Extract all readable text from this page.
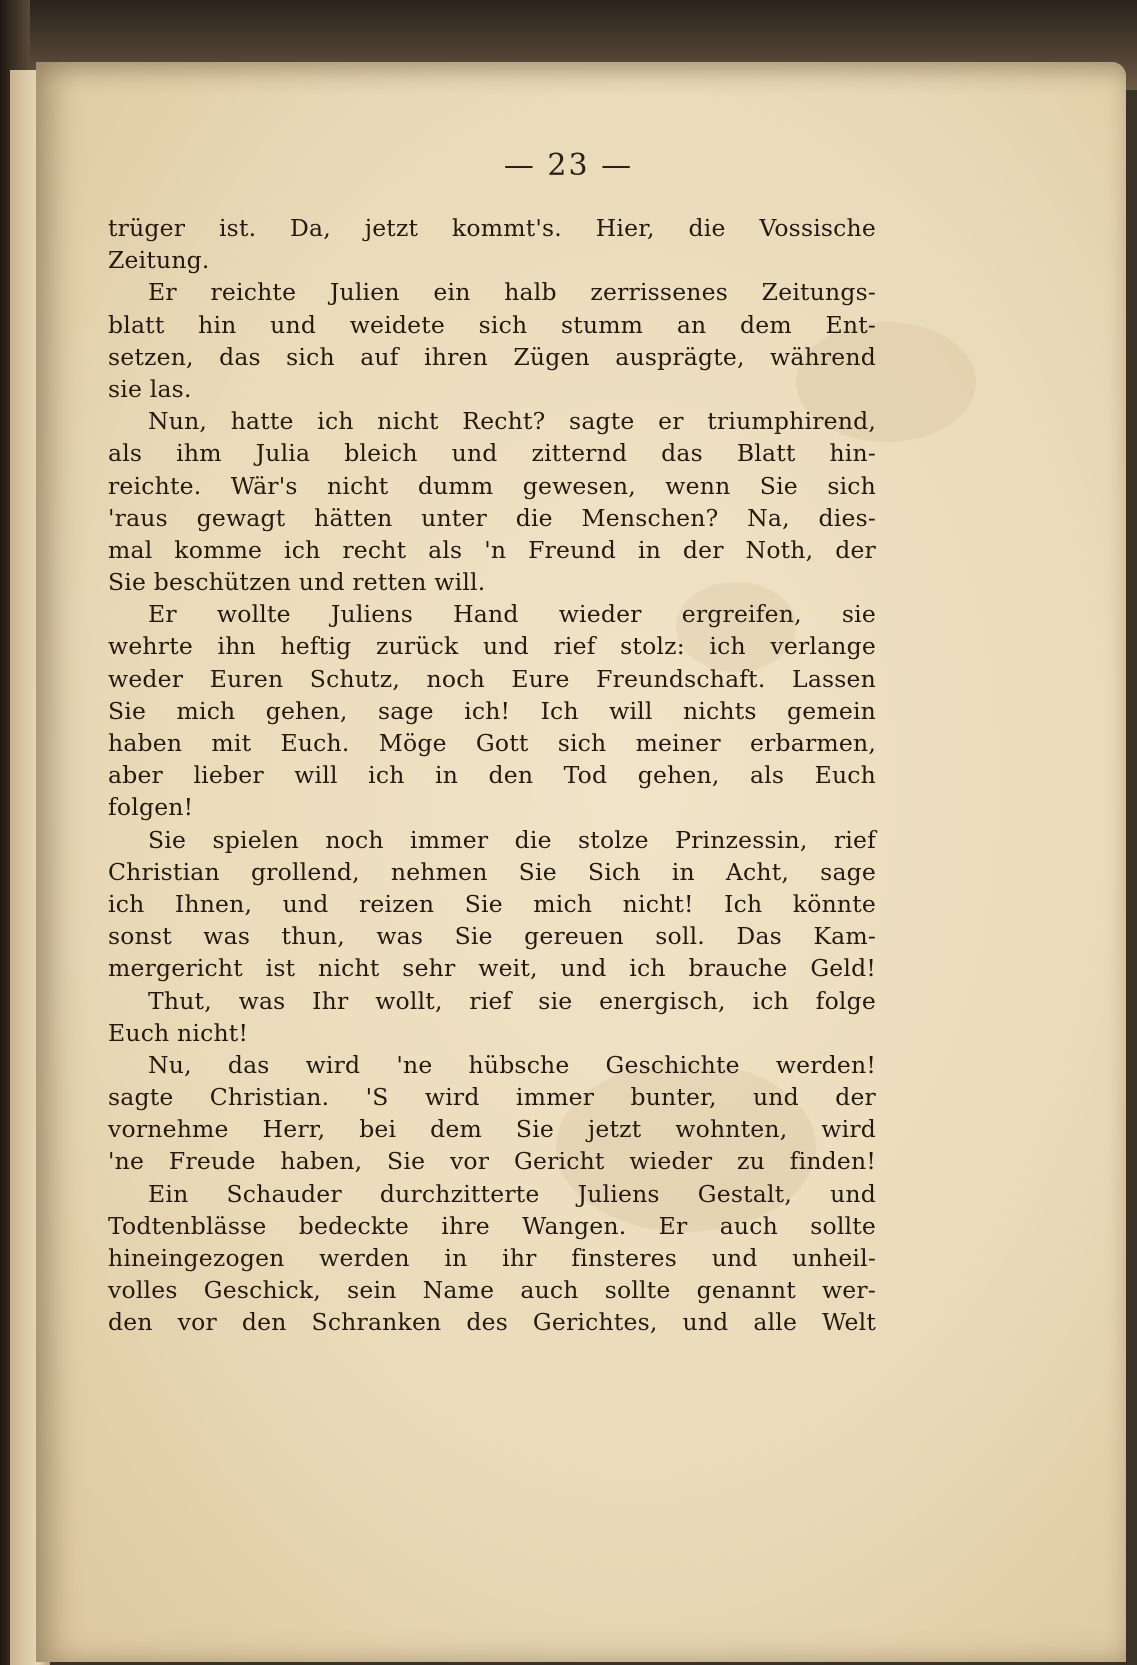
— 23 —
trüger ist. Da, jetzt kommt's. Hier, die Vossische
Zeitung.
Er reichte Julien ein halb zerrissenes Zeitungs-
blatt hin und weidete sich stumm an dem Ent-
setzen, das sich auf ihren Zügen ausprägte, während
sie las.
Nun, hatte ich nicht Recht? sagte er triumphirend,
als ihm Julia bleich und zitternd das Blatt hin-
reichte. Wär's nicht dumm gewesen, wenn Sie sich
'raus gewagt hätten unter die Menschen? Na, dies-
mal komme ich recht als 'n Freund in der Noth, der
Sie beschützen und retten will.
Er wollte Juliens Hand wieder ergreifen, sie
wehrte ihn heftig zurück und rief stolz: ich verlange
weder Euren Schutz, noch Eure Freundschaft. Lassen
Sie mich gehen, sage ich! Ich will nichts gemein
haben mit Euch. Möge Gott sich meiner erbarmen,
aber lieber will ich in den Tod gehen, als Euch
folgen!
Sie spielen noch immer die stolze Prinzessin, rief
Christian grollend, nehmen Sie Sich in Acht, sage
ich Ihnen, und reizen Sie mich nicht! Ich könnte
sonst was thun, was Sie gereuen soll. Das Kam-
mergericht ist nicht sehr weit, und ich brauche Geld!
Thut, was Ihr wollt, rief sie energisch, ich folge
Euch nicht!
Nu, das wird 'ne hübsche Geschichte werden!
sagte Christian. 'S wird immer bunter, und der
vornehme Herr, bei dem Sie jetzt wohnten, wird
'ne Freude haben, Sie vor Gericht wieder zu finden!
Ein Schauder durchzitterte Juliens Gestalt, und
Todtenblässe bedeckte ihre Wangen. Er auch sollte
hineingezogen werden in ihr finsteres und unheil-
volles Geschick, sein Name auch sollte genannt wer-
den vor den Schranken des Gerichtes, und alle Welt
